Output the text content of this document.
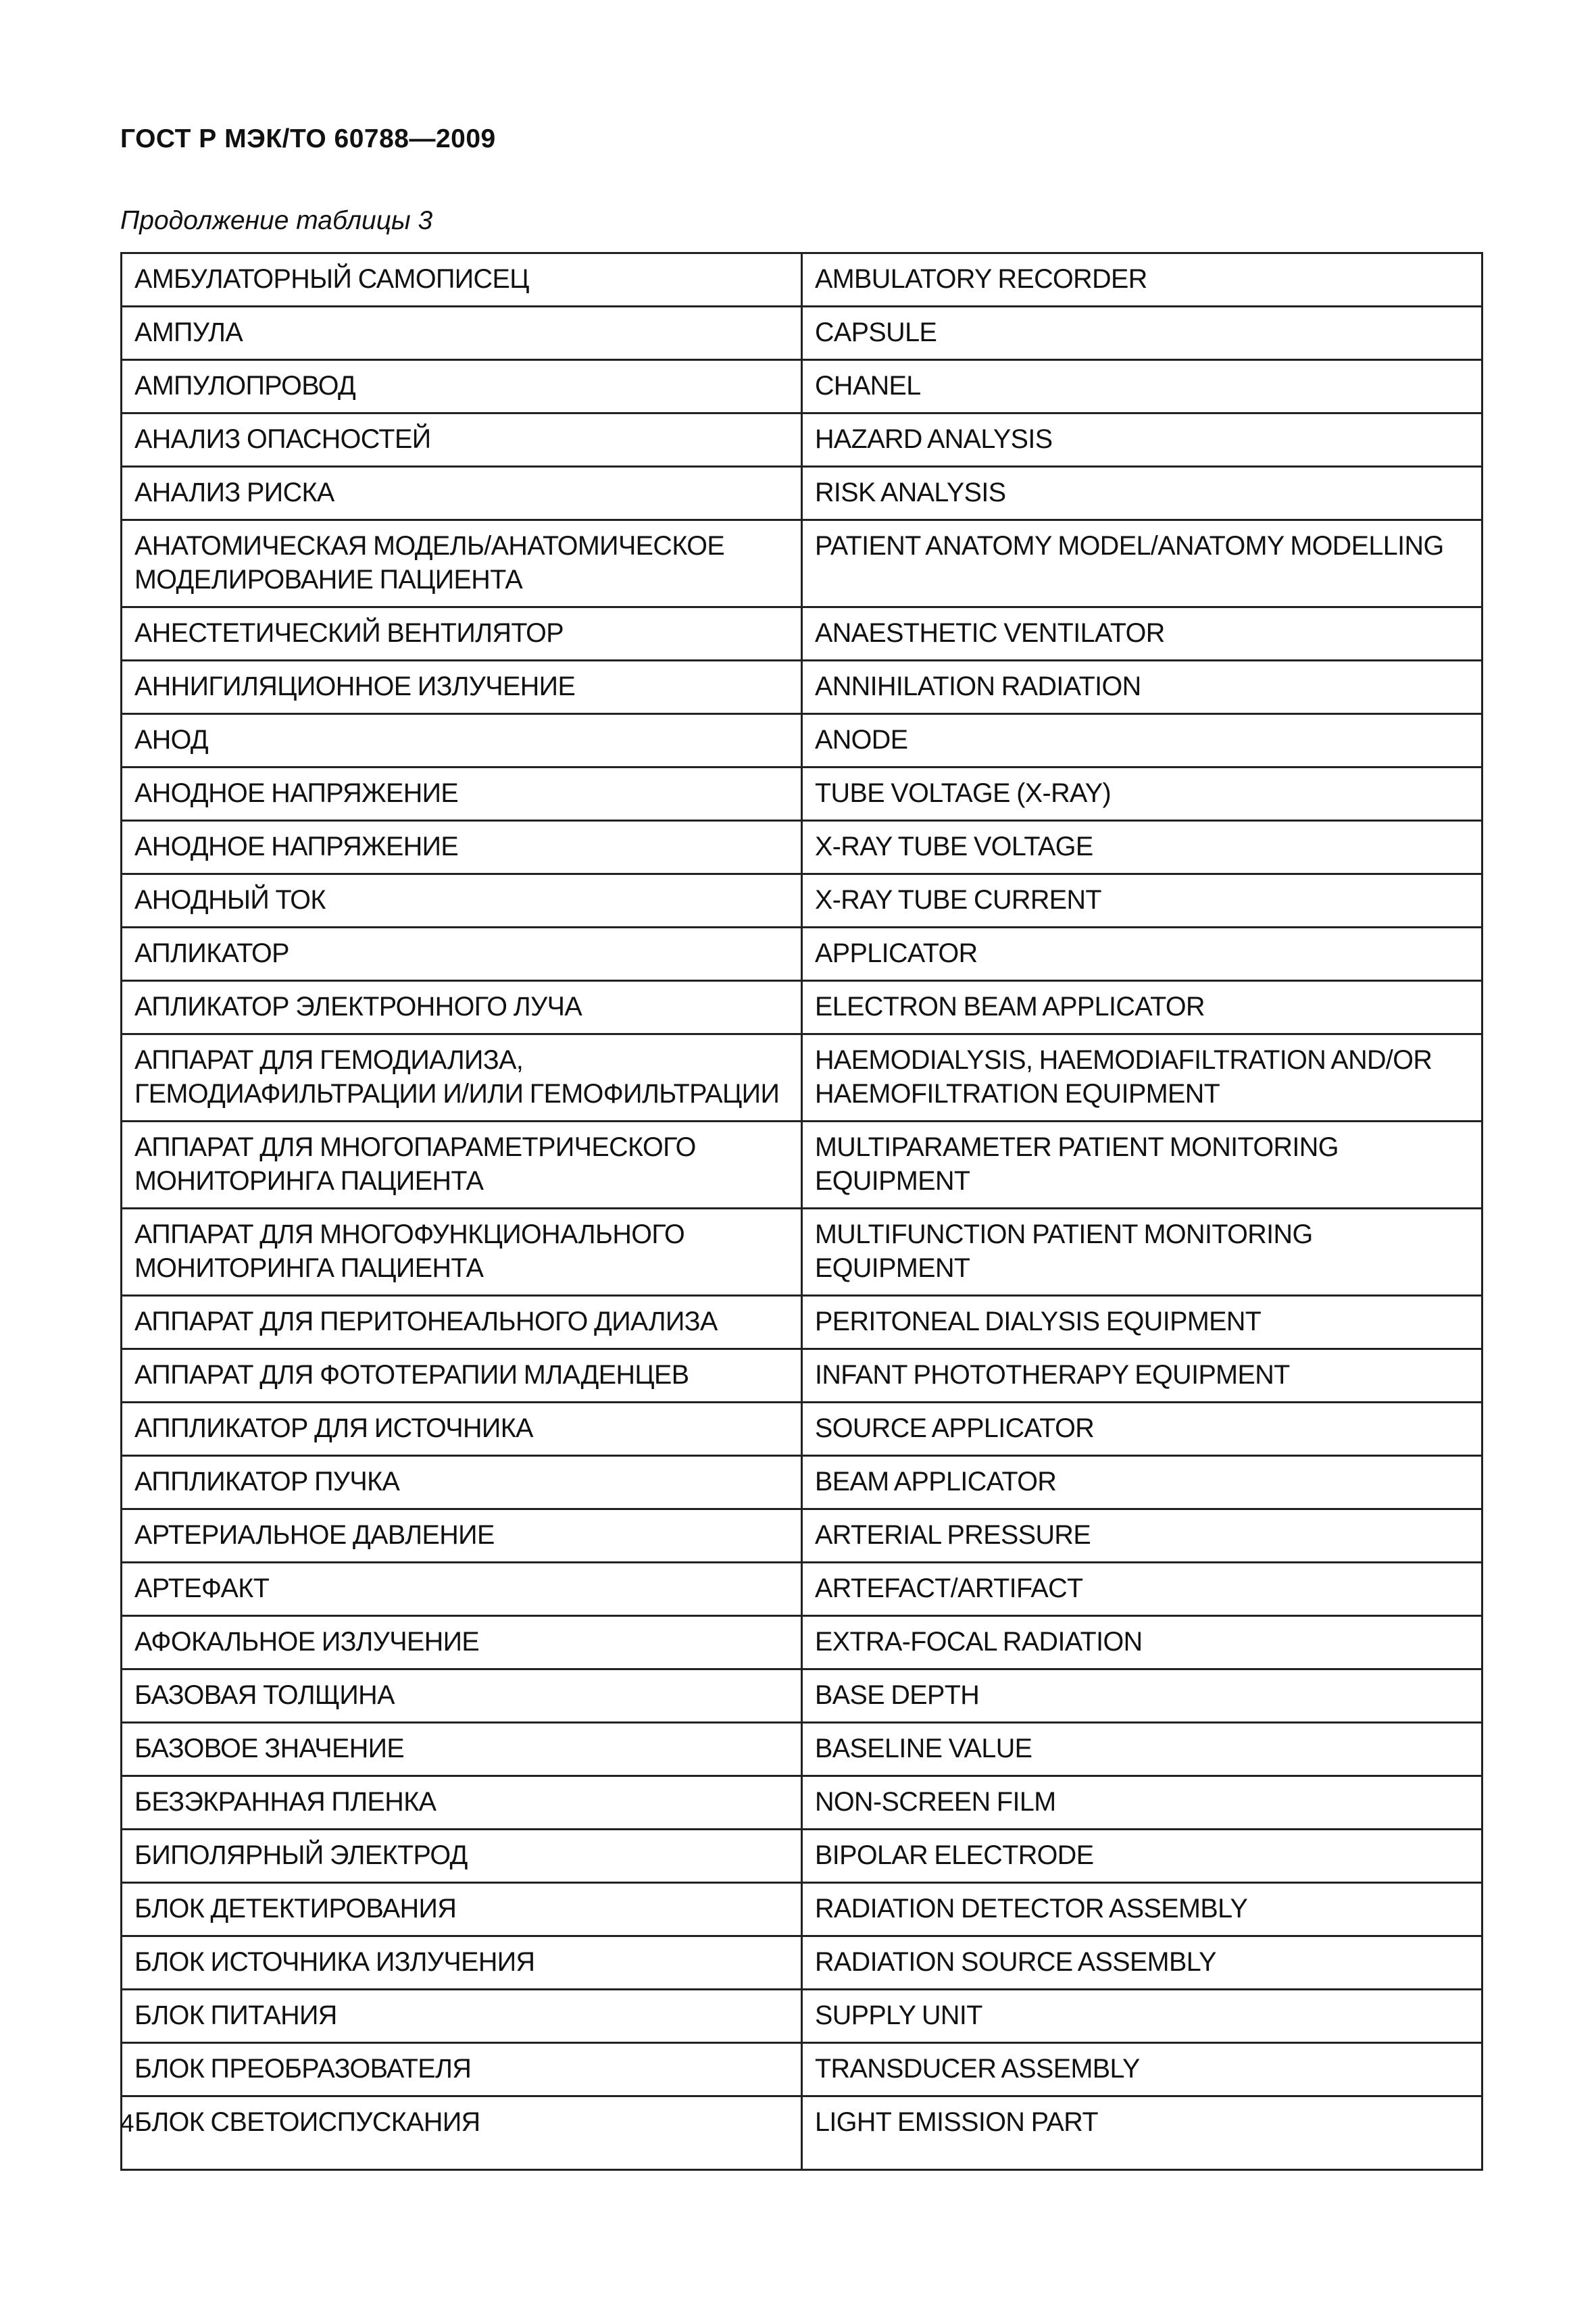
ГОСТ Р МЭК/ТО 60788—2009
Продолжение таблицы 3
АМБУЛАТОРНЫЙ САМОПИСЕЦ	AMBULATORY RECORDER
АМПУЛА	CAPSULE
АМПУЛОПРОВОД	CHANEL
АНАЛИЗ ОПАСНОСТЕЙ	HAZARD ANALYSIS
АНАЛИЗ РИСКА	RISK ANALYSIS
АНАТОМИЧЕСКАЯ МОДЕЛЬ/АНАТОМИЧЕСКОЕ МОДЕЛИРОВАНИЕ ПАЦИЕНТА	PATIENT ANATOMY MODEL/ANATOMY MODELLING
АНЕСТЕТИЧЕСКИЙ ВЕНТИЛЯТОР	ANAESTHETIC VENTILATOR
АННИГИЛЯЦИОННОЕ ИЗЛУЧЕНИЕ	ANNIHILATION RADIATION
АНОД	ANODE
АНОДНОЕ НАПРЯЖЕНИЕ	TUBE VOLTAGE (X-RAY)
АНОДНОЕ НАПРЯЖЕНИЕ	X-RAY TUBE VOLTAGE
АНОДНЫЙ ТОК	X-RAY TUBE CURRENT
АПЛИКАТОР	APPLICATOR
АПЛИКАТОР ЭЛЕКТРОННОГО ЛУЧА	ELECTRON BEAM APPLICATOR
АППАРАТ ДЛЯ ГЕМОДИАЛИЗА, ГЕМОДИАФИЛЬТРАЦИИ И/ИЛИ ГЕМОФИЛЬТРАЦИИ	HAEMODIALYSIS, HAEMODIAFILTRATION AND/OR HAEMOFILTRATION EQUIPMENT
АППАРАТ ДЛЯ МНОГОПАРАМЕТРИЧЕСКОГО МОНИТОРИНГА ПАЦИЕНТА	MULTIPARAMETER PATIENT MONITORING EQUIPMENT
АППАРАТ ДЛЯ МНОГОФУНКЦИОНАЛЬНОГО МОНИТОРИНГА ПАЦИЕНТА	MULTIFUNCTION PATIENT MONITORING EQUIPMENT
АППАРАТ ДЛЯ ПЕРИТОНЕАЛЬНОГО ДИАЛИЗА	PERITONEAL DIALYSIS EQUIPMENT
АППАРАТ ДЛЯ ФОТОТЕРАПИИ МЛАДЕНЦЕВ	INFANT PHOTOTHERAPY EQUIPMENT
АППЛИКАТОР ДЛЯ ИСТОЧНИКА	SOURCE APPLICATOR
АППЛИКАТОР ПУЧКА	BEAM APPLICATOR
АРТЕРИАЛЬНОЕ ДАВЛЕНИЕ	ARTERIAL PRESSURE
АРТЕФАКТ	ARTEFACT/ARTIFACT
АФОКАЛЬНОЕ ИЗЛУЧЕНИЕ	EXTRA-FOCAL RADIATION
БАЗОВАЯ ТОЛЩИНА	BASE DEPTH
БАЗОВОЕ ЗНАЧЕНИЕ	BASELINE VALUE
БЕЗЭКРАННАЯ ПЛЕНКА	NON-SCREEN FILM
БИПОЛЯРНЫЙ ЭЛЕКТРОД	BIPOLAR ELECTRODE
БЛОК ДЕТЕКТИРОВАНИЯ	RADIATION DETECTOR ASSEMBLY
БЛОК ИСТОЧНИКА ИЗЛУЧЕНИЯ	RADIATION SOURCE ASSEMBLY
БЛОК ПИТАНИЯ	SUPPLY UNIT
БЛОК ПРЕОБРАЗОВАТЕЛЯ	TRANSDUCER ASSEMBLY
БЛОК СВЕТОИСПУСКАНИЯ	LIGHT EMISSION PART
4
